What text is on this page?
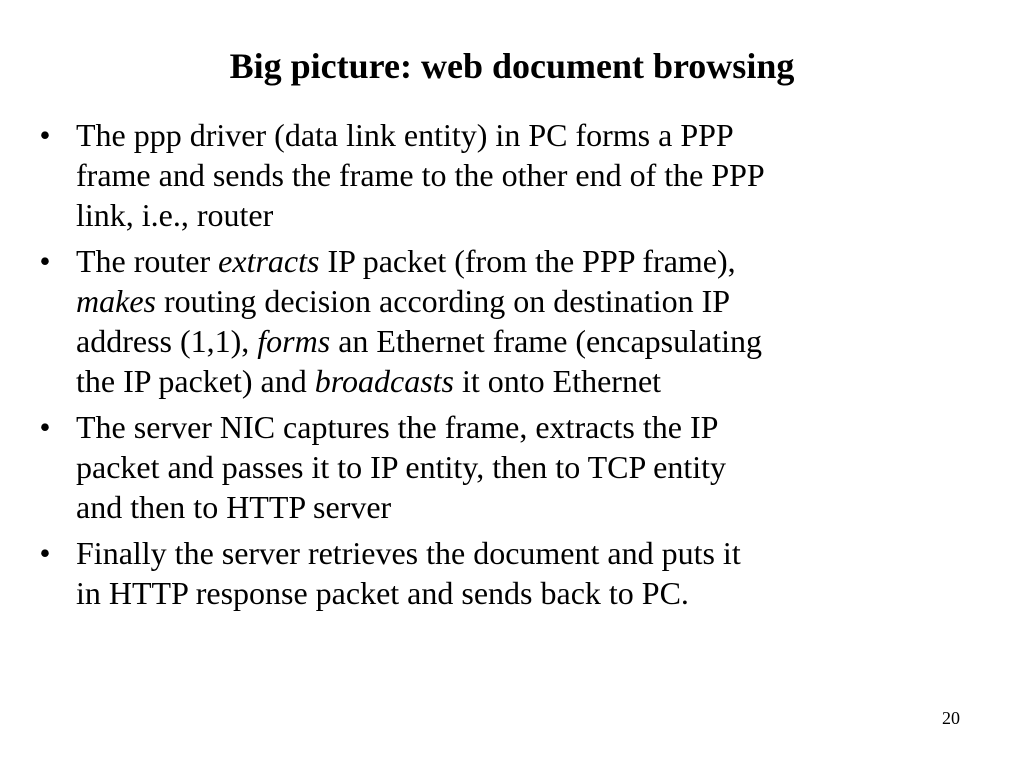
Big picture: web document browsing
• The ppp driver (data link entity) in PC forms a PPP
frame and sends the frame to the other end of the PPP
link, i.e., router
• The router extracts IP packet (from the PPP frame),
makes routing decision according on destination IP
address (1,1), forms an Ethernet frame (encapsulating
the IP packet) and broadcasts it onto Ethernet
• The server NIC captures the frame, extracts the IP
packet and passes it to IP entity, then to TCP entity
and then to HTTP server
• Finally the server retrieves the document and puts it
in HTTP response packet and sends back to PC.
20
